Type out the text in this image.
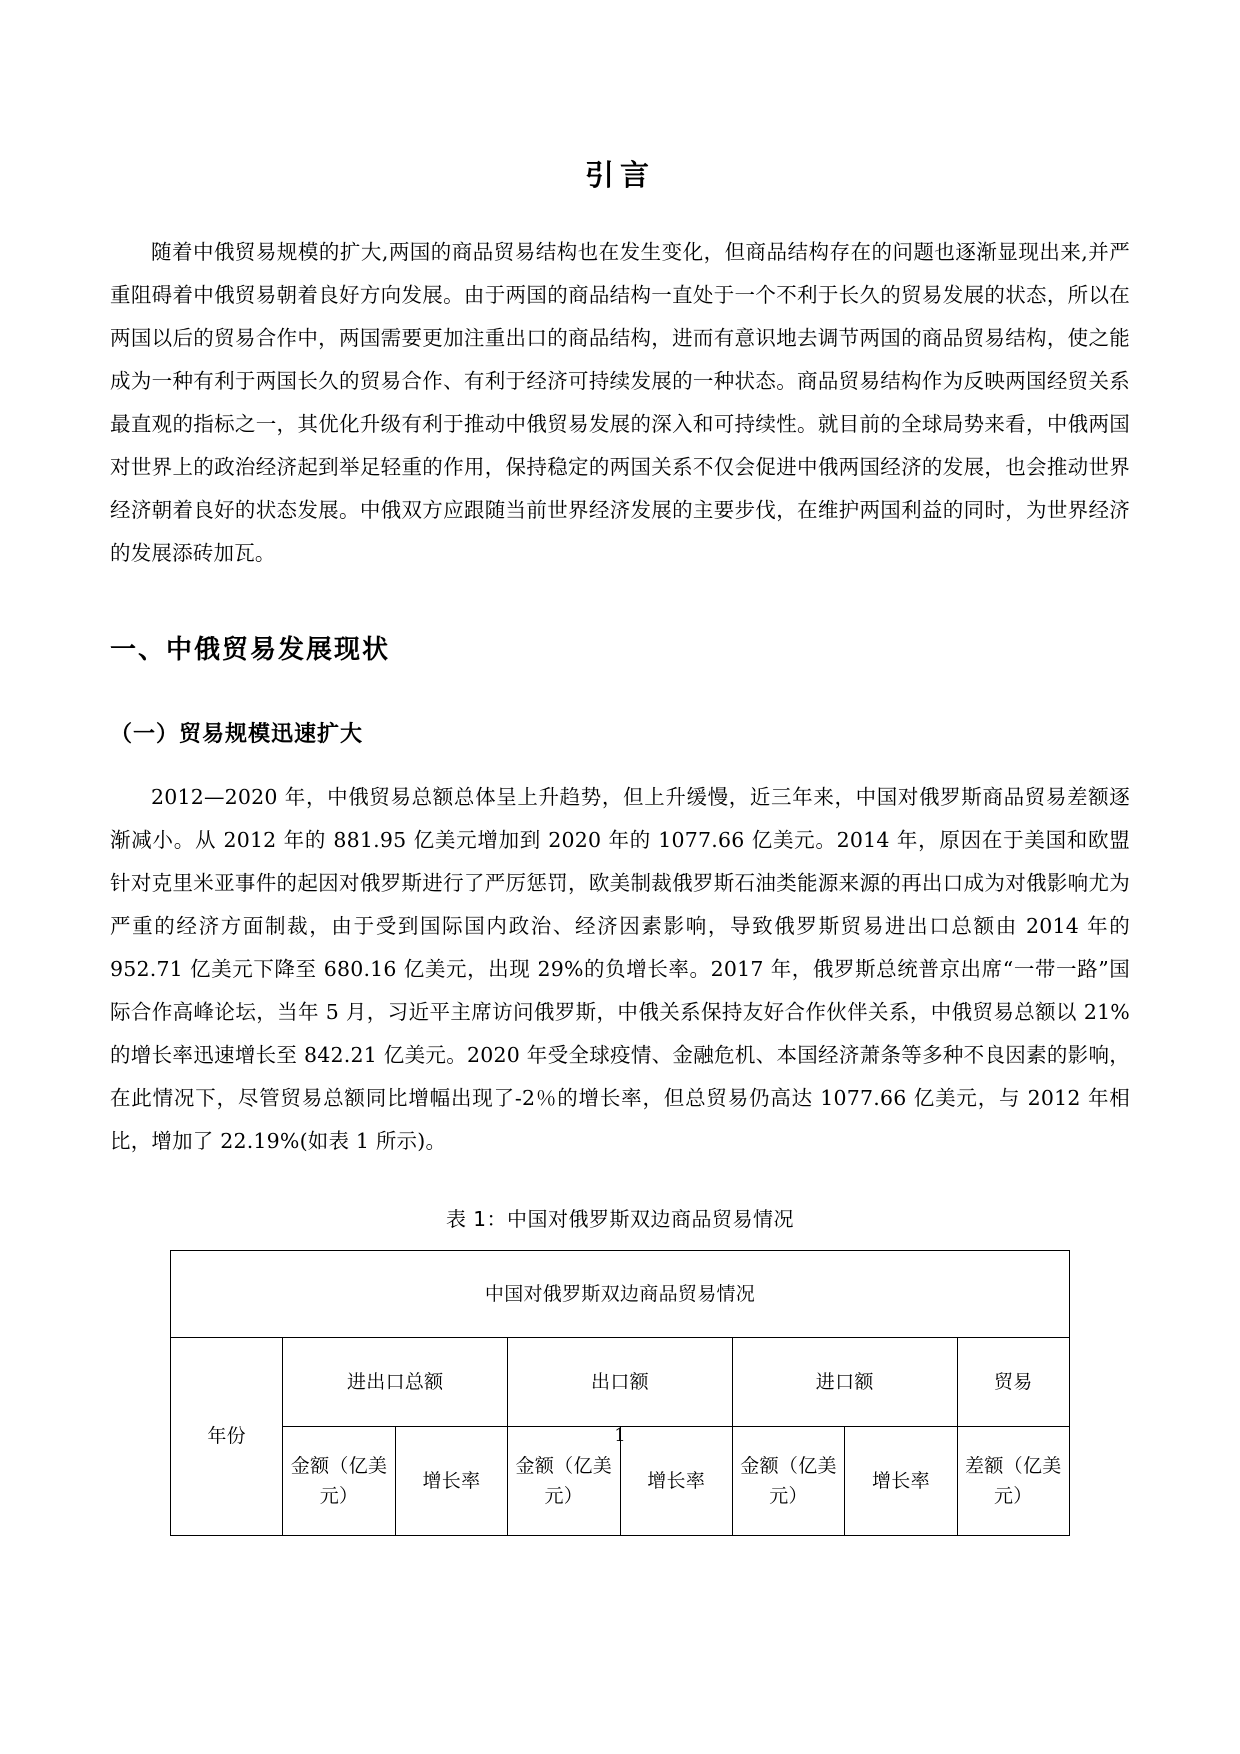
引言

随着中俄贸易规模的扩大,两国的商品贸易结构也在发生变化，但商品结构存在的问题也逐渐显现出来,并严重阻碍着中俄贸易朝着良好方向发展。由于两国的商品结构一直处于一个不利于长久的贸易发展的状态，所以在两国以后的贸易合作中，两国需要更加注重出口的商品结构，进而有意识地去调节两国的商品贸易结构，使之能成为一种有利于两国长久的贸易合作、有利于经济可持续发展的一种状态。商品贸易结构作为反映两国经贸关系最直观的指标之一，其优化升级有利于推动中俄贸易发展的深入和可持续性。就目前的全球局势来看，中俄两国对世界上的政治经济起到举足轻重的作用，保持稳定的两国关系不仅会促进中俄两国经济的发展，也会推动世界经济朝着良好的状态发展。中俄双方应跟随当前世界经济发展的主要步伐，在维护两国利益的同时，为世界经济的发展添砖加瓦。

一、中俄贸易发展现状
（一）贸易规模迅速扩大

2012—2020 年，中俄贸易总额总体呈上升趋势，但上升缓慢，近三年来，中国对俄罗斯商品贸易差额逐渐减小。从 2012 年的 881.95 亿美元增加到 2020 年的 1077.66 亿美元。2014 年，原因在于美国和欧盟针对克里米亚事件的起因对俄罗斯进行了严厉惩罚，欧美制裁俄罗斯石油类能源来源的再出口成为对俄影响尤为严重的经济方面制裁，由于受到国际国内政治、经济因素影响，导致俄罗斯贸易进出口总额由 2014 年的 952.71 亿美元下降至 680.16 亿美元，出现 29%的负增长率。2017 年，俄罗斯总统普京出席“一带一路”国际合作高峰论坛，当年 5 月，习近平主席访问俄罗斯，中俄关系保持友好合作伙伴关系，中俄贸易总额以 21%的增长率迅速增长至 842.21 亿美元。2020 年受全球疫情、金融危机、本国经济萧条等多种不良因素的影响，在此情况下，尽管贸易总额同比增幅出现了-2％的增长率，但总贸易仍高达 1077.66 亿美元，与 2012 年相比，增加了 22.19%(如表 1 所示)。

表 1：中国对俄罗斯双边商品贸易情况

中国对俄罗斯双边商品贸易情况							
年份	进出口总额		出口额		进口额		贸易
	金额（亿美元）	增长率	金额（亿美元）	增长率	金额（亿美元）	增长率	差额（亿美元）
1
